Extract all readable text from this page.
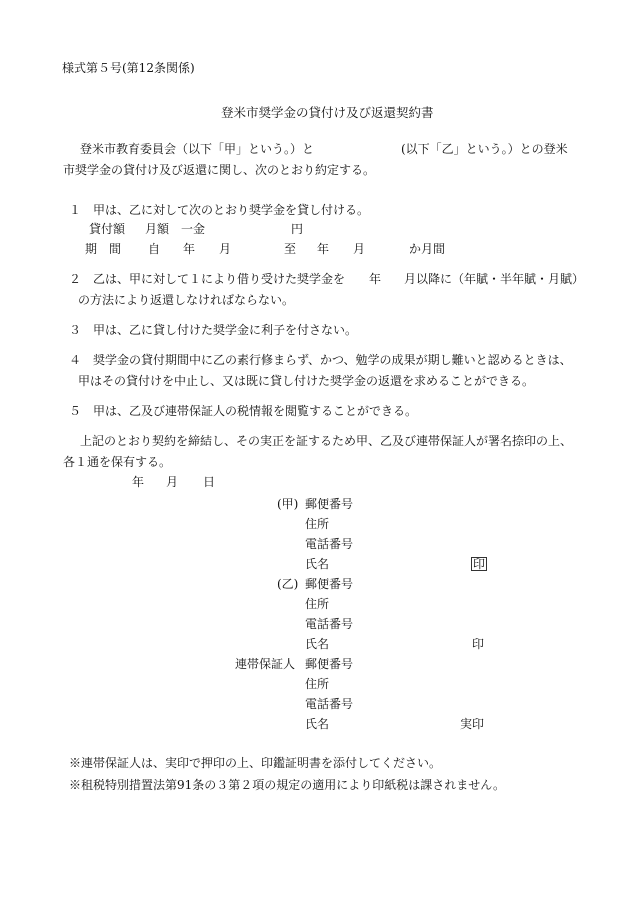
様式第５号(第12条関係)
登米市奨学金の貸付け及び返還契約書
登米市教育委員会（以下「甲」という。）と	(以下「乙」という。）との登米
市奨学金の貸付け及び返還に関し、次のとおり約定する。
１　甲は、乙に対して次のとおり奨学金を貸し付ける。
貸付額 月額 一金	円
期　間 自 年 月	至 年 月	か月間
２　乙は、甲に対して１により借り受けた奨学金を 年 月以降に（年賦・半年賦・月賦）
の方法により返還しなければならない。
３　甲は、乙に貸し付けた奨学金に利子を付さない。
４　奨学金の貸付期間中に乙の素行修まらず、かつ、勉学の成果が期し難いと認めるときは、
甲はその貸付けを中止し、又は既に貸し付けた奨学金の返還を求めることができる。
５　甲は、乙及び連帯保証人の税情報を閲覧することができる。
上記のとおり契約を締結し、その実正を証するため甲、乙及び連帯保証人が署名捺印の上、
各１通を保有する。
年 月 日
(甲) 郵便番号
住所
電話番号
氏名	印
(乙) 郵便番号
住所
電話番号
氏名	印
連帯保証人 郵便番号
住所
電話番号
氏名	実印
※連帯保証人は、実印で押印の上、印鑑証明書を添付してください。
※租税特別措置法第91条の３第２項の規定の適用により印紙税は課されません。
